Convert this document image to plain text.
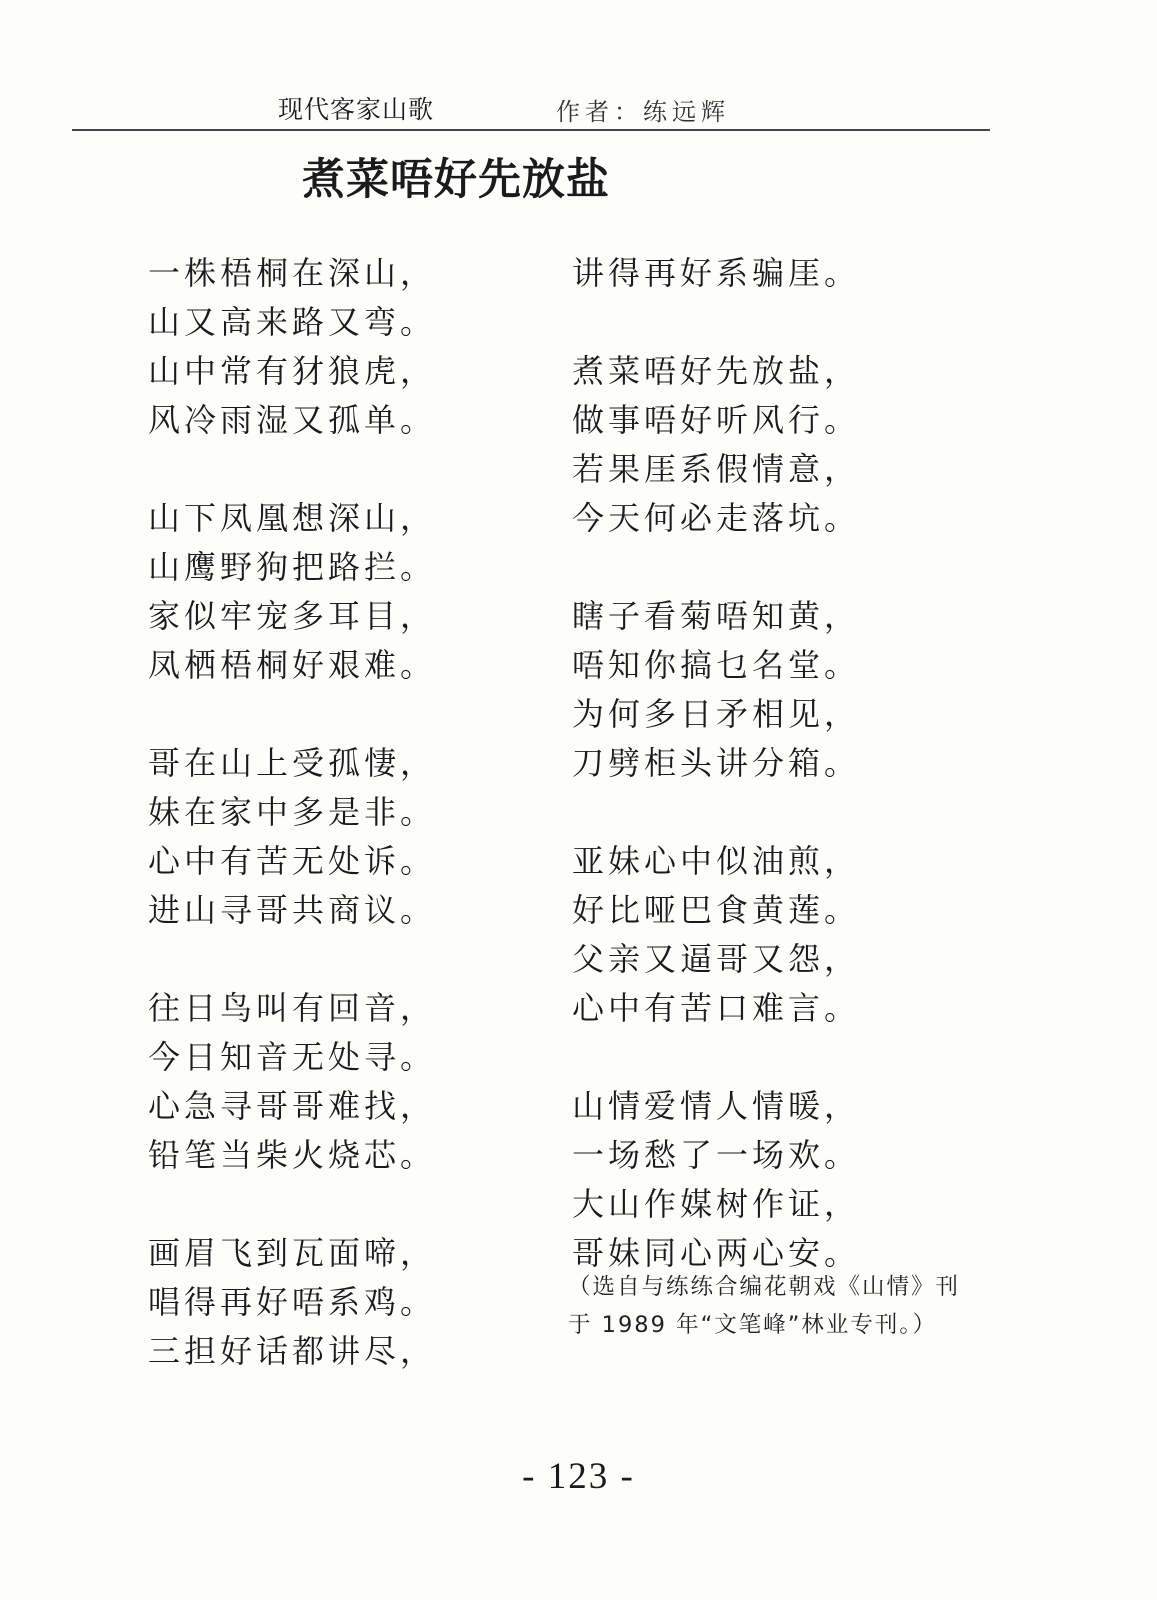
现代客家山歌	作者：练远辉
煮菜唔好先放盐
一株梧桐在深山，
山又高来路又弯。
山中常有犲狼虎，
风冷雨湿又孤单。
山下凤凰想深山，
山鹰野狗把路拦。
家似牢宠多耳目，
凤栖梧桐好艰难。
哥在山上受孤悽，
妹在家中多是非。
心中有苦无处诉。
进山寻哥共商议。
往日鸟叫有回音，
今日知音无处寻。
心急寻哥哥难找，
铅笔当柴火烧芯。
画眉飞到瓦面啼，
唱得再好唔系鸡。
三担好话都讲尽，
讲得再好系骗厓。
煮菜唔好先放盐，
做事唔好听风行。
若果厓系假情意，
今天何必走落坑。
瞎子看菊唔知黄，
唔知你搞乜名堂。
为何多日矛相见，
刀劈柜头讲分箱。
亚妹心中似油煎，
好比哑巴食黄莲。
父亲又逼哥又怨，
心中有苦口难言。
山情爱情人情暖，
一场愁了一场欢。
大山作媒树作证，
哥妹同心两心安。
（选自与练练合编花朝戏《山情》刊于 1989 年“文笔峰”林业专刊。）
- 123 -
